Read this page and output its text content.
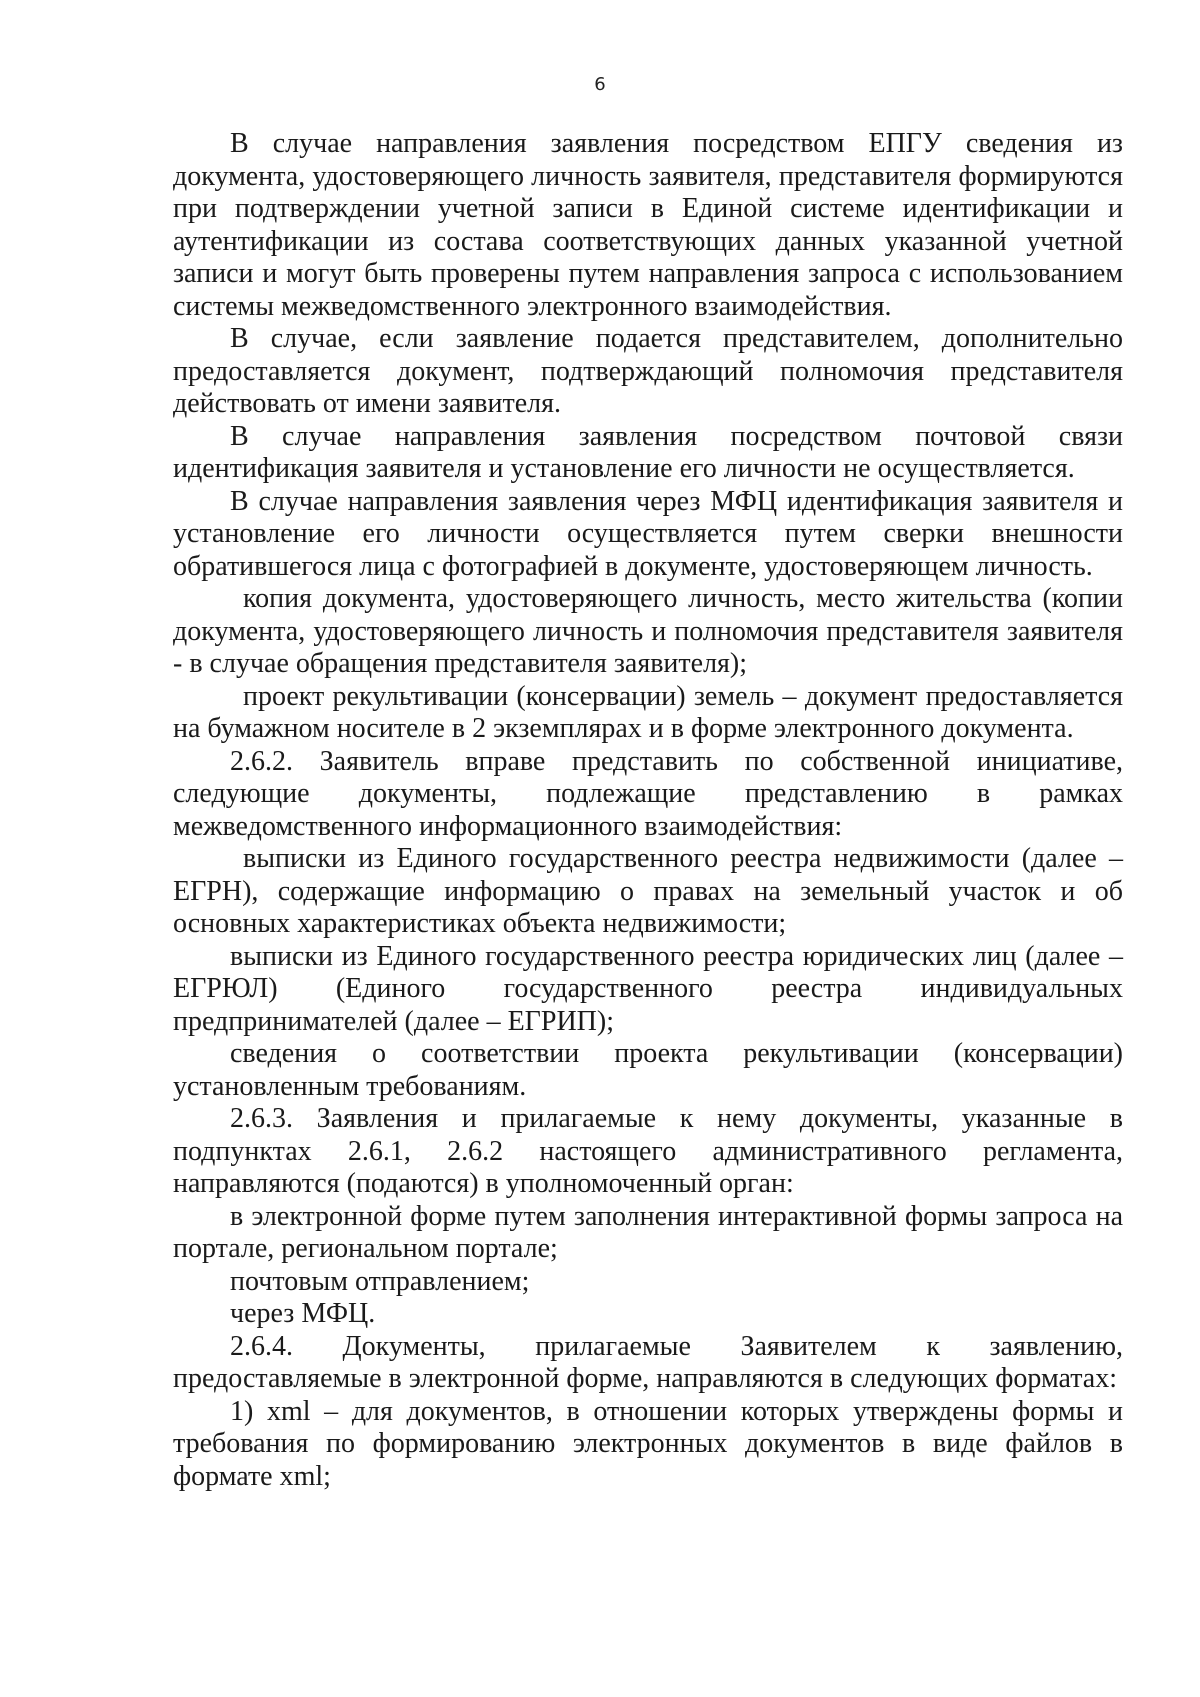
6

В случае направления заявления посредством ЕПГУ сведения из документа, удостоверяющего личность заявителя, представителя формируются при подтверждении учетной записи в Единой системе идентификации и аутентификации из состава соответствующих данных указанной учетной записи и могут быть проверены путем направления запроса с использованием системы межведомственного электронного взаимодействия.

В случае, если заявление подается представителем, дополнительно предоставляется документ, подтверждающий полномочия представителя действовать от имени заявителя.

В случае направления заявления посредством почтовой связи идентификация заявителя и установление его личности не осуществляется.

В случае направления заявления через МФЦ идентификация заявителя и установление его личности осуществляется путем сверки внешности обратившегося лица с фотографией в документе, удостоверяющем личность.

копия документа, удостоверяющего личность, место жительства (копии документа, удостоверяющего личность и полномочия представителя заявителя - в случае обращения представителя заявителя);

проект рекультивации (консервации) земель – документ предоставляется на бумажном носителе в 2 экземплярах и в форме электронного документа.

2.6.2. Заявитель вправе представить по собственной инициативе, следующие документы, подлежащие представлению в рамках межведомственного информационного взаимодействия:

выписки из Единого государственного реестра недвижимости (далее – ЕГРН), содержащие информацию о правах на земельный участок и об основных характеристиках объекта недвижимости;

выписки из Единого государственного реестра юридических лиц (далее – ЕГРЮЛ) (Единого государственного реестра индивидуальных предпринимателей (далее – ЕГРИП);

сведения о соответствии проекта рекультивации (консервации) установленным требованиям.

2.6.3. Заявления и прилагаемые к нему документы, указанные в подпунктах 2.6.1, 2.6.2 настоящего административного регламента, направляются (подаются) в уполномоченный орган:

в электронной форме путем заполнения интерактивной формы запроса на портале, региональном портале;

почтовым отправлением;

через МФЦ.

2.6.4. Документы, прилагаемые Заявителем к заявлению, предоставляемые в электронной форме, направляются в следующих форматах:

1) xml – для документов, в отношении которых утверждены формы и требования по формированию электронных документов в виде файлов в формате xml;
